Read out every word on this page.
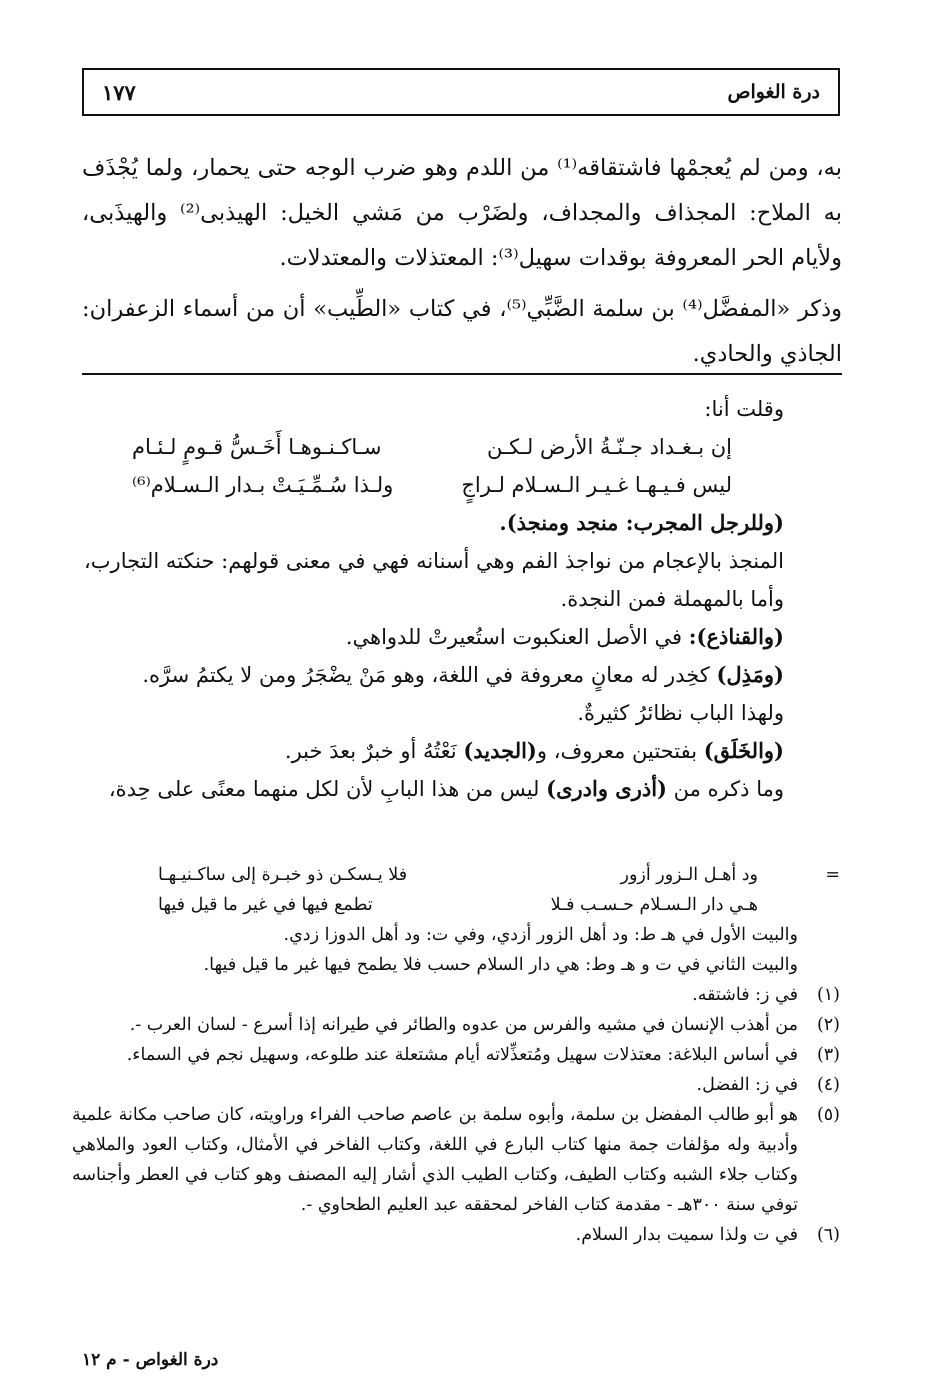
درة الغواص
١٧٧

به، ومن لم يُعجمْها فاشتقاقه⁽¹⁾ من اللدم وهو ضرب الوجه حتى يحمار، ولما يُجْذَف به الملاح: المجذاف والمجداف، ولضَرْب من مَشي الخيل: الهيذبى⁽²⁾ والهيذَبى، ولأيام الحر المعروفة بوقدات سهيل⁽³⁾: المعتذلات والمعتدلات.

وذكر «المفضَّل⁽⁴⁾ بن سلمة الضَّبِّي⁽⁵⁾، في كتاب «الطِّيب» أن من أسماء الزعفران: الجاذي والحادي.

وقلت أنا:

إن بـغـداد جـنّـةُ الأرض لـكـن
سـاكـنـوهـا أَخَـسُّ قـومٍ لـئـام
ليس فـيـهـا غـيـر الـسـلام لـراجٍ
ولـذا سُـمِّـيَـتْ بـدار الـسـلام⁽⁶⁾

(وللرجل المجرب: منجد ومنجذ).

المنجذ بالإعجام من نواجذ الفم وهي أسنانه فهي في معنى قولهم: حنكته التجارب، وأما بالمهملة فمن النجدة.

(والقناذع): في الأصل العنكبوت استُعيرتْ للدواهي.

(ومَذِل) كخِدر له معانٍ معروفة في اللغة، وهو مَنْ يضْجَرُ ومن لا يكتمُ سرَّه.

ولهذا الباب نظائرُ كثيرةٌ.

(والخَلَق) بفتحتين معروف، و(الجديد) نَعْتُهُ أو خبرٌ بعدَ خبر.

وما ذكره من (أذرى وادرى) ليس من هذا البابِ لأن لكل منهما معنًى على حِدة،

=
ود أهـل الـزور أزور
فلا يـسكـن ذو خبـرة إلى ساكـنيـهـا
هـي دار الـسـلام حـسـب فـلا
تطمع فيها في غير ما قيل فيها
والبيت الأول في هـ ط: ود أهل الزور أزدي، وفي ت: ود أهل الدوزا زدي.
والبيت الثاني في ت و هـ وط: هي دار السلام حسب فلا يطمح فيها غير ما قيل فيها.
(١)
في ز: فاشتقه.
(٢)
من أهذب الإنسان في مشيه والفرس من عدوه والطائر في طيرانه إذا أسرع - لسان العرب -.
(٣)
في أساس البلاغة: معتذلات سهيل ومُتعذِّلاته أيام مشتعلة عند طلوعه، وسهيل نجم في السماء.
(٤)
في ز: الفضل.
(٥)
هو أبو طالب المفضل بن سلمة، وأبوه سلمة بن عاصم صاحب الفراء وراويته، كان صاحب مكانة علمية وأدبية وله مؤلفات جمة منها كتاب البارع في اللغة، وكتاب الفاخر في الأمثال، وكتاب العود والملاهي وكتاب جلاء الشبه وكتاب الطيف، وكتاب الطيب الذي أشار إليه المصنف وهو كتاب في العطر وأجناسه توفي سنة ٣٠٠هـ - مقدمة كتاب الفاخر لمحققه عبد العليم الطحاوي -.
(٦)
في ت ولذا سميت بدار السلام.
درة الغواص - م ١٢
